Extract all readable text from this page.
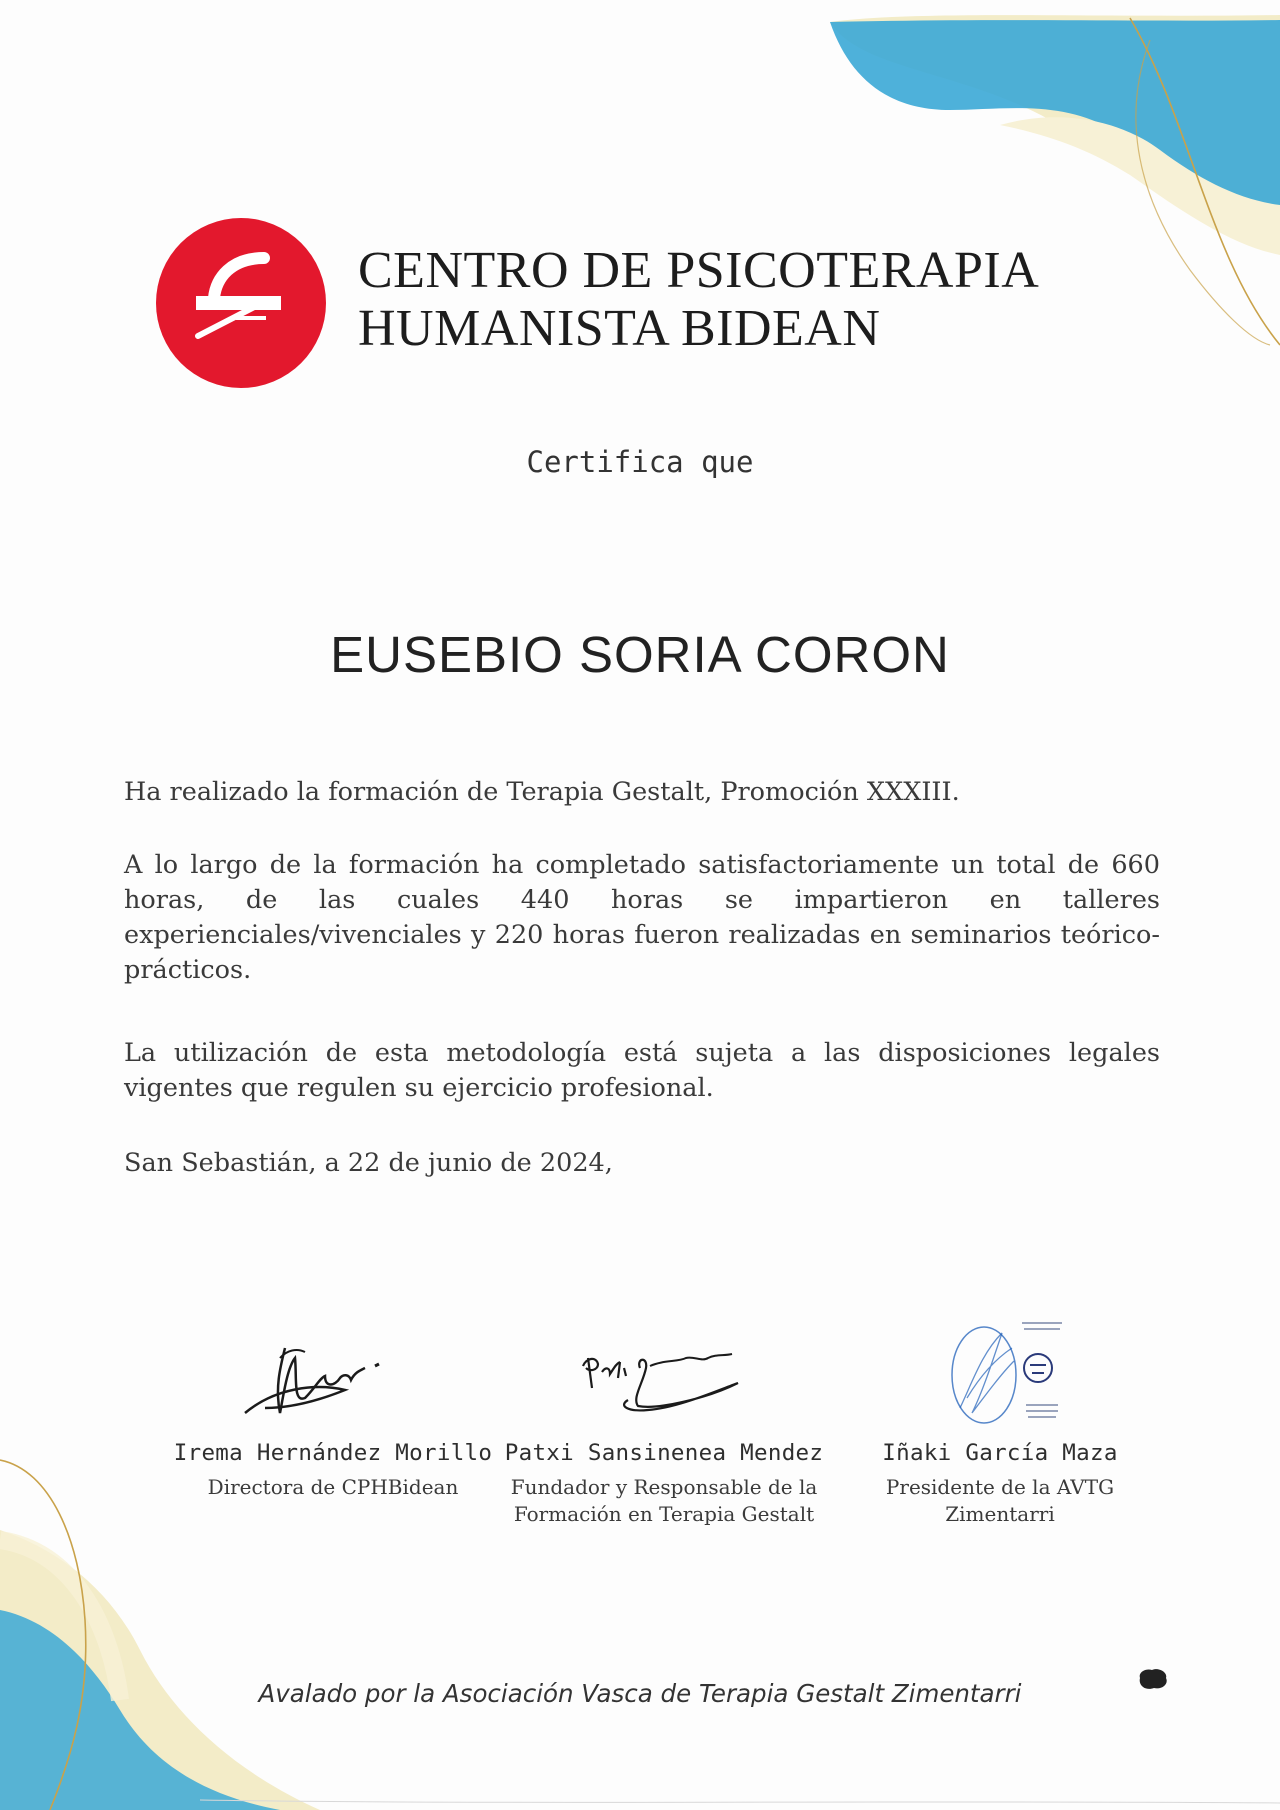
CENTRO DE PSICOTERAPIA
HUMANISTA BIDEAN
Certifica que
EUSEBIO SORIA CORON
Ha realizado la formación de Terapia Gestalt, Promoción XXXIII.
A lo largo de la formación ha completado satisfactoriamente un total de 660 horas, de las cuales 440 horas se impartieron en talleres experienciales/vivenciales y 220 horas fueron realizadas en seminarios teórico-prácticos.
La utilización de esta metodología está sujeta a las disposiciones legales vigentes que regulen su ejercicio profesional.
San Sebastián, a 22 de junio de 2024,
Irema Hernández Morillo
Directora de CPHBidean
Patxi Sansinenea Mendez
Fundador y Responsable de la Formación en Terapia Gestalt
Iñaki García Maza
Presidente de la AVTG Zimentarri
Avalado por la Asociación Vasca de Terapia Gestalt Zimentarri
